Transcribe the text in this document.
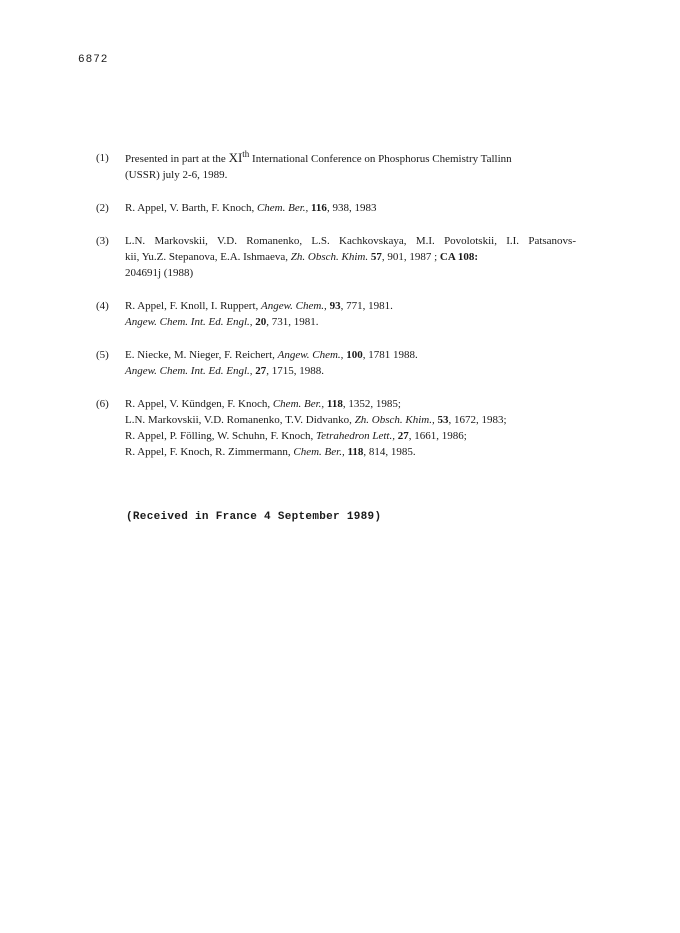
6872
(1) Presented in part at the XIth International Conference on Phosphorus Chemistry Tallinn
(USSR) july 2-6, 1989.
(2) R. Appel, V. Barth, F. Knoch, Chem. Ber., 116, 938, 1983
(3) L.N. Markovskii, V.D. Romanenko, L.S. Kachkovskaya, M.I. Povolotskii, I.I. Patsanovs-
kii, Yu.Z. Stepanova, E.A. Ishmaeva, Zh. Obsch. Khim. 57, 901, 1987 ; CA 108:
204691j (1988)
(4) R. Appel, F. Knoll, I. Ruppert, Angew. Chem., 93, 771, 1981.
Angew. Chem. Int. Ed. Engl., 20, 731, 1981.
(5) E. Niecke, M. Nieger, F. Reichert, Angew. Chem., 100, 1781 1988.
Angew. Chem. Int. Ed. Engl., 27, 1715, 1988.
(6) R. Appel, V. Kündgen, F. Knoch, Chem. Ber., 118, 1352, 1985;
L.N. Markovskii, V.D. Romanenko, T.V. Didvanko, Zh. Obsch. Khim., 53, 1672, 1983;
R. Appel, P. Fölling, W. Schuhn, F. Knoch, Tetrahedron Lett., 27, 1661, 1986;
R. Appel, F. Knoch, R. Zimmermann, Chem. Ber., 118, 814, 1985.
(Received in France 4 September 1989)
